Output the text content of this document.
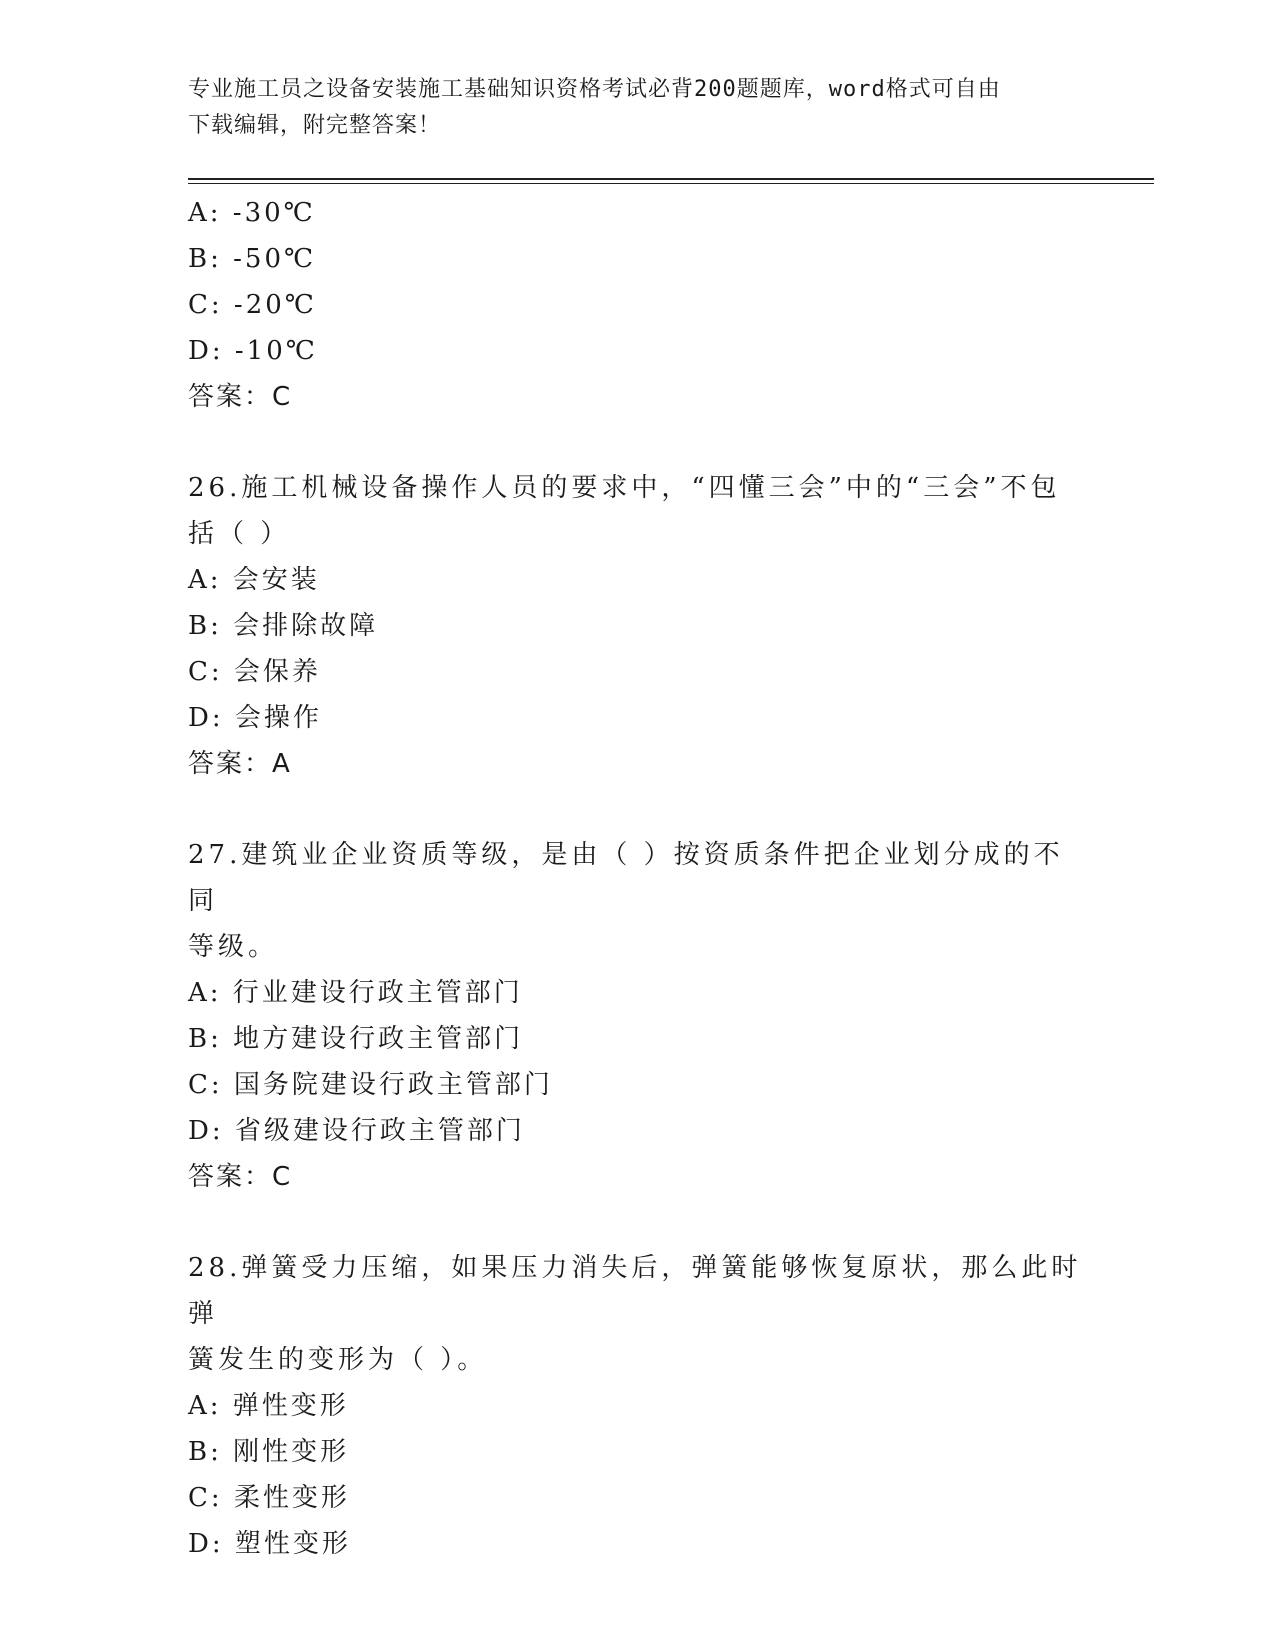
专业施工员之设备安装施工基础知识资格考试必背200题题库，word格式可自由
下载编辑，附完整答案！
A: -30℃
B: -50℃
C: -20℃
D: -10℃
答案：C
26.施工机械设备操作人员的要求中，“四懂三会”中的“三会”不包
括（ ）
A: 会安装
B: 会排除故障
C: 会保养
D: 会操作
答案：A
27.建筑业企业资质等级，是由（ ）按资质条件把企业划分成的不同
等级。
A: 行业建设行政主管部门
B: 地方建设行政主管部门
C: 国务院建设行政主管部门
D: 省级建设行政主管部门
答案：C
28.弹簧受力压缩，如果压力消失后，弹簧能够恢复原状，那么此时弹
簧发生的变形为（ ）。
A: 弹性变形
B: 刚性变形
C: 柔性变形
D: 塑性变形
